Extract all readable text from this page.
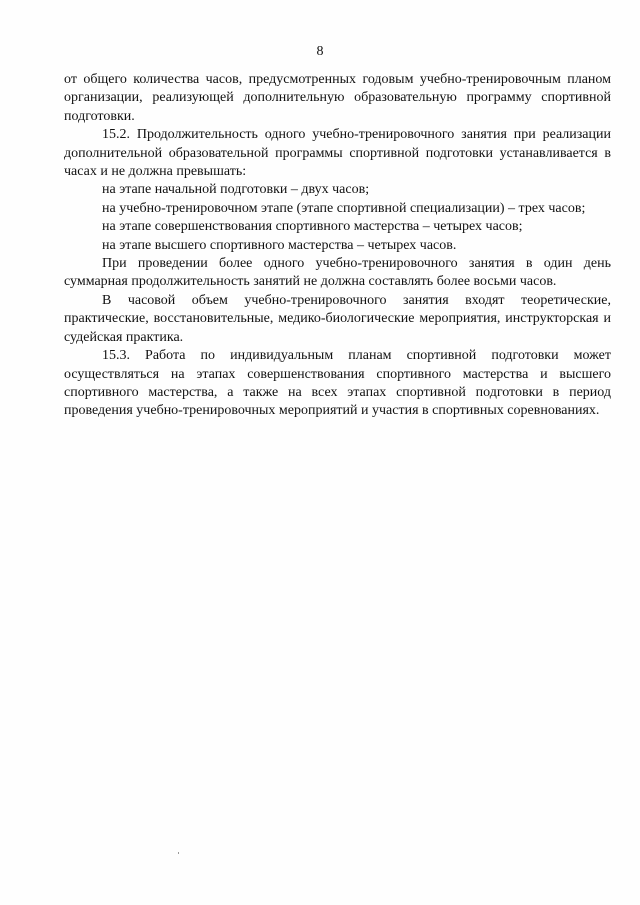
8

от общего количества часов, предусмотренных годовым учебно-тренировочным планом организации, реализующей дополнительную образовательную программу спортивной подготовки.

15.2. Продолжительность одного учебно-тренировочного занятия при реализации дополнительной образовательной программы спортивной подготовки устанавливается в часах и не должна превышать:

на этапе начальной подготовки – двух часов;

на учебно-тренировочном этапе (этапе спортивной специализации) – трех часов;

на этапе совершенствования спортивного мастерства – четырех часов;

на этапе высшего спортивного мастерства – четырех часов.

При проведении более одного учебно-тренировочного занятия в один день суммарная продолжительность занятий не должна составлять более восьми часов.

В часовой объем учебно-тренировочного занятия входят теоретические, практические, восстановительные, медико-биологические мероприятия, инструкторская и судейская практика.

15.3. Работа по индивидуальным планам спортивной подготовки может осуществляться на этапах совершенствования спортивного мастерства и высшего спортивного мастерства, а также на всех этапах спортивной подготовки в период проведения учебно-тренировочных мероприятий и участия в спортивных соревнованиях.
